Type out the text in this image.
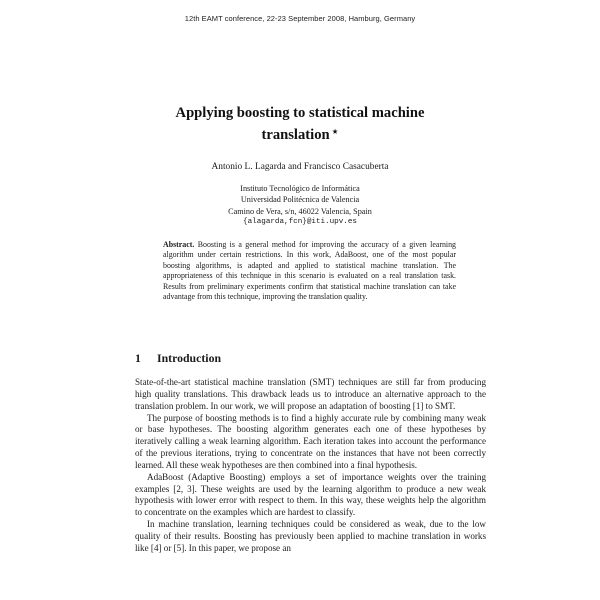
12th EAMT conference, 22-23 September 2008, Hamburg, Germany
Applying boosting to statistical machine
translation ⋆
Antonio L. Lagarda and Francisco Casacuberta
Instituto Tecnológico de Informática
Universidad Politécnica de Valencia
Camino de Vera, s/n, 46022 Valencia, Spain
{alagarda,fcn}@iti.upv.es
Abstract. Boosting is a general method for improving the accuracy of a given learning algorithm under certain restrictions. In this work, AdaBoost, one of the most popular boosting algorithms, is adapted and applied to statistical machine translation. The appropriateness of this technique in this scenario is evaluated on a real translation task. Results from preliminary experiments confirm that statistical machine translation can take advantage from this technique, improving the translation quality.
1 Introduction

State-of-the-art statistical machine translation (SMT) techniques are still far from producing high quality translations. This drawback leads us to introduce an alternative approach to the translation problem. In our work, we will propose an adaptation of boosting [1] to SMT.

The purpose of boosting methods is to find a highly accurate rule by combining many weak or base hypotheses. The boosting algorithm generates each one of these hypotheses by iteratively calling a weak learning algorithm. Each iteration takes into account the performance of the previous iterations, trying to concentrate on the instances that have not been correctly learned. All these weak hypotheses are then combined into a final hypothesis.

AdaBoost (Adaptive Boosting) employs a set of importance weights over the training examples [2, 3]. These weights are used by the learning algorithm to produce a new weak hypothesis with lower error with respect to them. In this way, these weights help the algorithm to concentrate on the examples which are hardest to classify.

In machine translation, learning techniques could be considered as weak, due to the low quality of their results. Boosting has previously been applied to machine translation in works like [4] or [5]. In this paper, we propose an
